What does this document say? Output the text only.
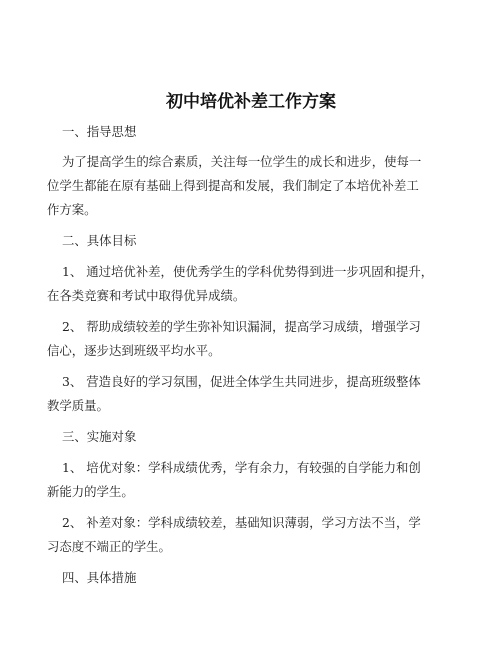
初中培优补差工作方案
一、指导思想
为了提高学生的综合素质，关注每一位学生的成长和进步，使每一
位学生都能在原有基础上得到提高和发展，我们制定了本培优补差工
作方案。
二、具体目标
1、 通过培优补差，使优秀学生的学科优势得到进一步巩固和提升，
在各类竞赛和考试中取得优异成绩。
2、 帮助成绩较差的学生弥补知识漏洞，提高学习成绩，增强学习
信心，逐步达到班级平均水平。
3、 营造良好的学习氛围，促进全体学生共同进步，提高班级整体
教学质量。
三、实施对象
1、 培优对象：学科成绩优秀，学有余力，有较强的自学能力和创
新能力的学生。
2、 补差对象：学科成绩较差，基础知识薄弱，学习方法不当，学
习态度不端正的学生。
四、具体措施
